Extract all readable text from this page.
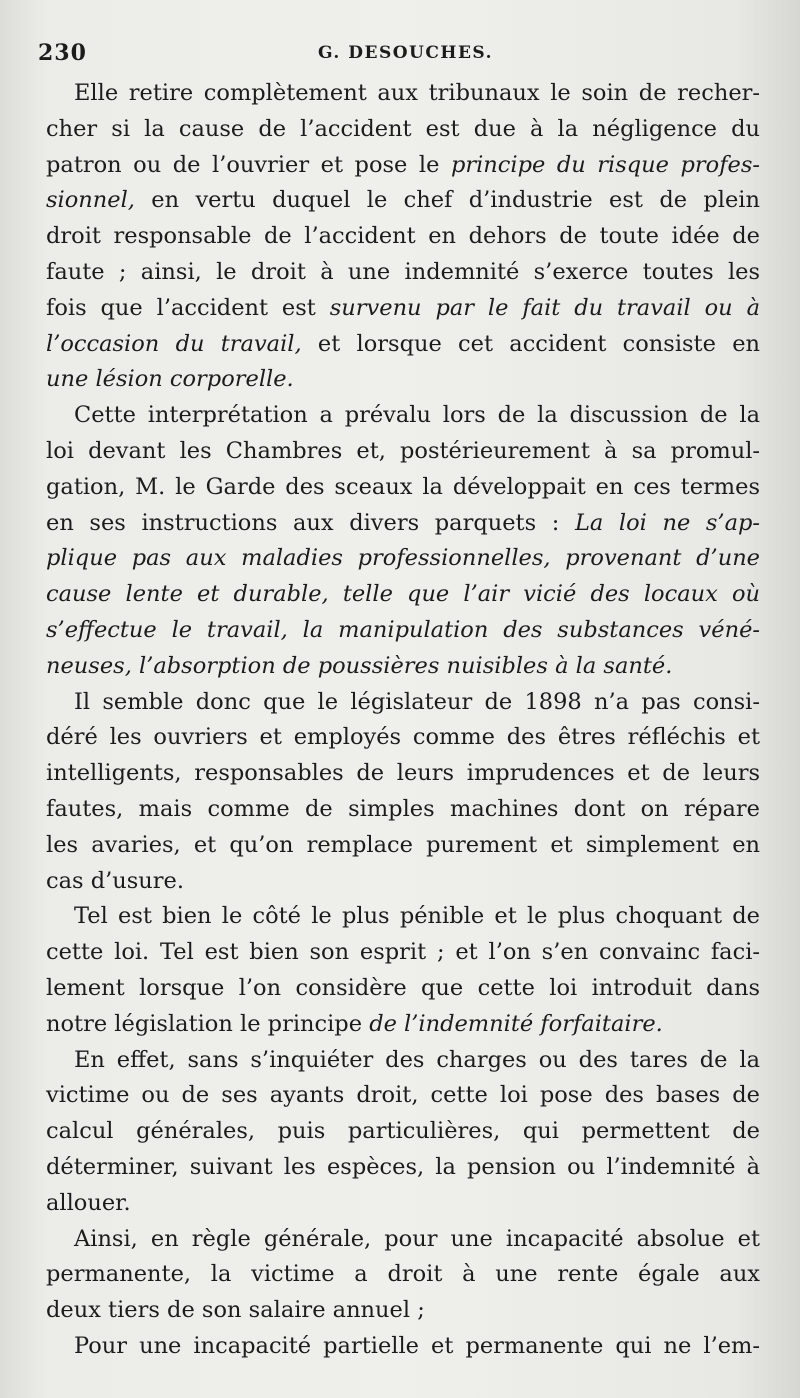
230	G. DESOUCHES.
Elle retire complètement aux tribunaux le soin de recher-
cher si la cause de l’accident est due à la négligence du
patron ou de l’ouvrier et pose le principe du risque profes-
sionnel, en vertu duquel le chef d’industrie est de plein
droit responsable de l’accident en dehors de toute idée de
faute ; ainsi, le droit à une indemnité s’exerce toutes les
fois que l’accident est survenu par le fait du travail ou à
l’occasion du travail, et lorsque cet accident consiste en
une lésion corporelle.
Cette interprétation a prévalu lors de la discussion de la
loi devant les Chambres et, postérieurement à sa promul-
gation, M. le Garde des sceaux la développait en ces termes
en ses instructions aux divers parquets : La loi ne s’ap-
plique pas aux maladies professionnelles, provenant d’une
cause lente et durable, telle que l’air vicié des locaux où
s’effectue le travail, la manipulation des substances véné-
neuses, l’absorption de poussières nuisibles à la santé.
Il semble donc que le législateur de 1898 n’a pas consi-
déré les ouvriers et employés comme des êtres réfléchis et
intelligents, responsables de leurs imprudences et de leurs
fautes, mais comme de simples machines dont on répare
les avaries, et qu’on remplace purement et simplement en
cas d’usure.
Tel est bien le côté le plus pénible et le plus choquant de
cette loi. Tel est bien son esprit ; et l’on s’en convainc faci-
lement lorsque l’on considère que cette loi introduit dans
notre législation le principe de l’indemnité forfaitaire.
En effet, sans s’inquiéter des charges ou des tares de la
victime ou de ses ayants droit, cette loi pose des bases de
calcul générales, puis particulières, qui permettent de
déterminer, suivant les espèces, la pension ou l’indemnité à
allouer.
Ainsi, en règle générale, pour une incapacité absolue et
permanente, la victime a droit à une rente égale aux
deux tiers de son salaire annuel ;
Pour une incapacité partielle et permanente qui ne l’em-
